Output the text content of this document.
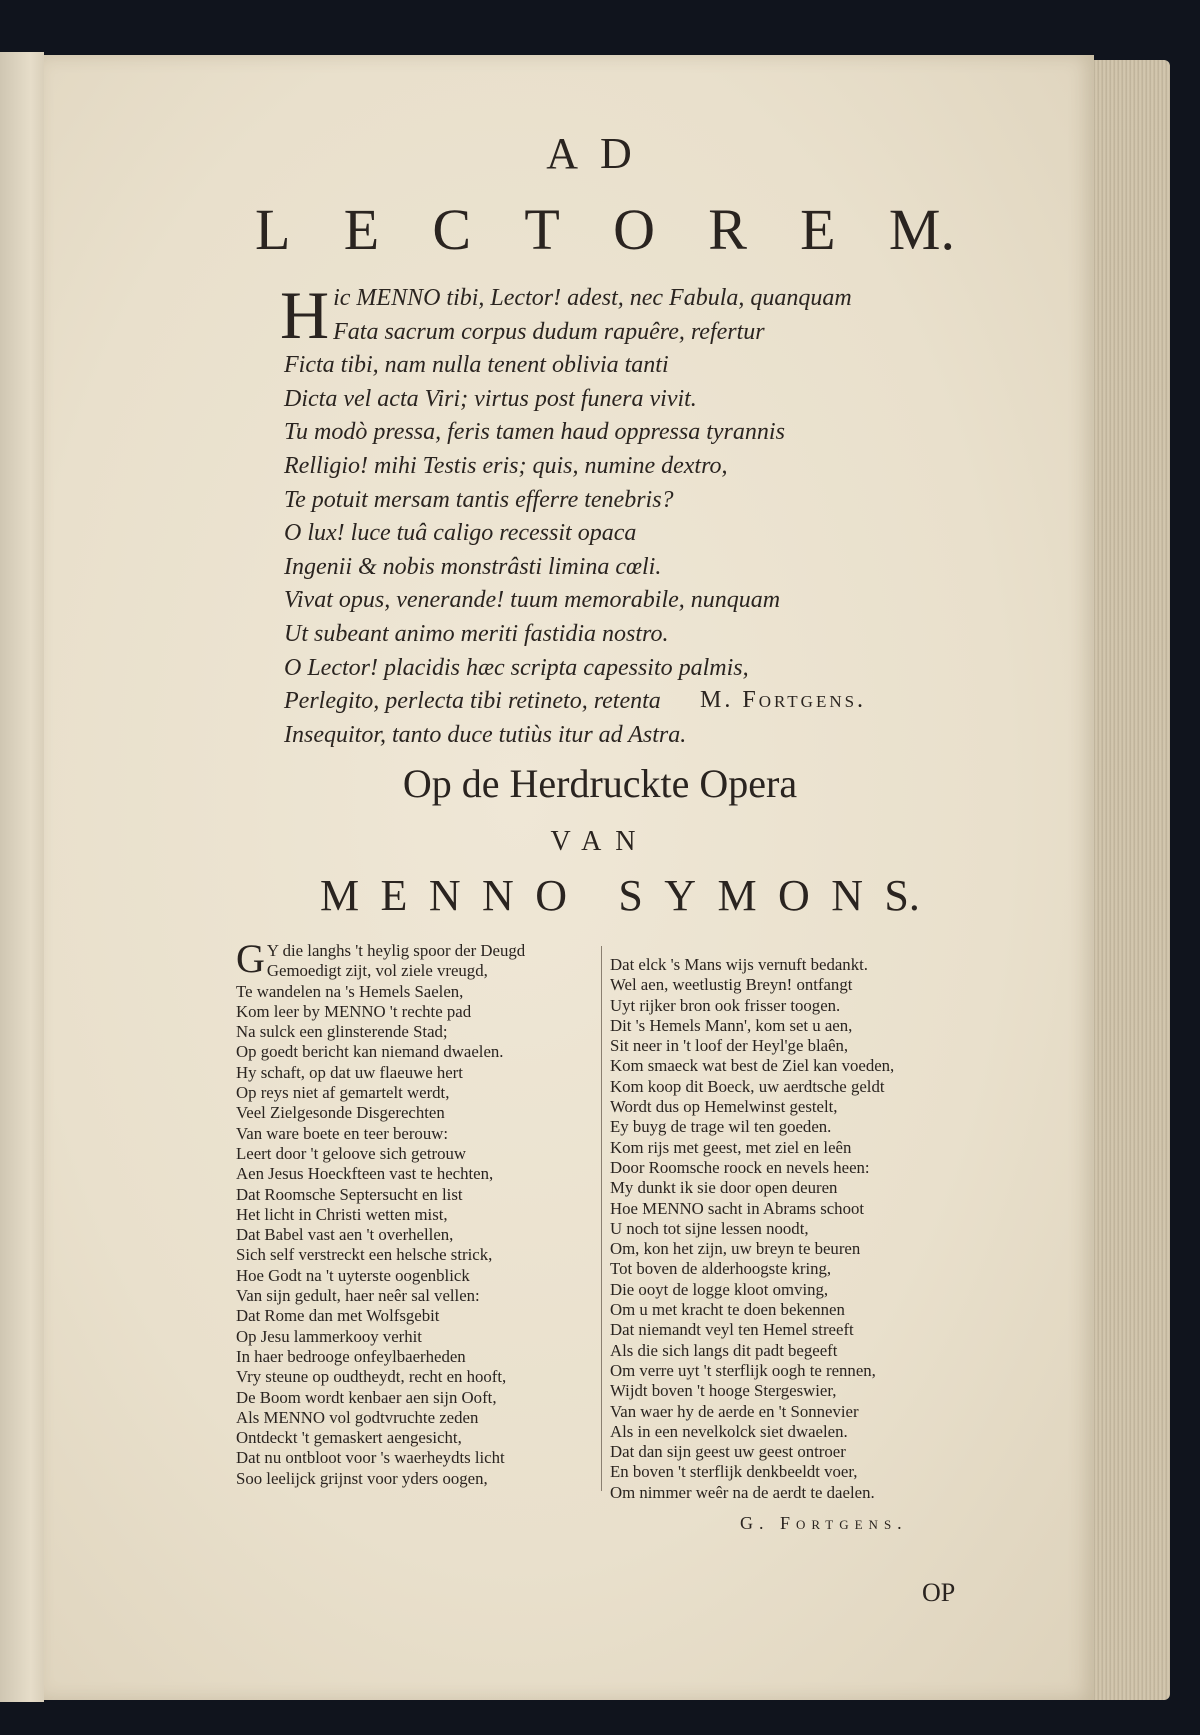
AD
L E C T O R E M.
H ic MENNO tibi, Lector! adest, nec Fabula, quanquam
Fata sacrum corpus dudum rapuêre, refertur
Ficta tibi, nam nulla tenent oblivia tanti
Dicta vel acta Viri; virtus post funera vivit.
Tu modò pressa, feris tamen haud oppressa tyrannis
Relligio! mihi Testis eris; quis, numine dextro,
Te potuit mersam tantis efferre tenebris?
O lux! luce tuâ caligo recessit opaca
Ingenii & nobis monstrâsti limina cœli.
Vivat opus, venerande! tuum memorabile, nunquam
Ut subeant animo meriti fastidia nostro.
O Lector! placidis hæc scripta capessito palmis,
Perlegito, perlecta tibi retineto, retenta
Insequitor, tanto duce tutiùs itur ad Astra.
M. Fortgens.
Op de Herdruckte Opera
VAN
M E N N O S Y M O N S.
G Y die langhs 't heylig spoor der Deugd
Gemoedigt zijt, vol ziele vreugd,
Te wandelen na 's Hemels Saelen,
Kom leer by MENNO 't rechte pad
Na sulck een glinsterende Stad;
Op goedt bericht kan niemand dwaelen.
Hy schaft, op dat uw flaeuwe hert
Op reys niet af gemartelt werdt,
Veel Zielgesonde Disgerechten
Van ware boete en teer berouw:
Leert door 't geloove sich getrouw
Aen Jesus Hoeckfteen vast te hechten,
Dat Roomsche Septersucht en list
Het licht in Christi wetten mist,
Dat Babel vast aen 't overhellen,
Sich self verstreckt een helsche strick,
Hoe Godt na 't uyterste oogenblick
Van sijn gedult, haer neêr sal vellen:
Dat Rome dan met Wolfsgebit
Op Jesu lammerkooy verhit
In haer bedrooge onfeylbaerheden
Vry steune op oudtheydt, recht en hooft,
De Boom wordt kenbaer aen sijn Ooft,
Als MENNO vol godtvruchte zeden
Ontdeckt 't gemaskert aengesicht,
Dat nu ontbloot voor 's waerheydts licht
Soo leelijck grijnst voor yders oogen,
Dat elck 's Mans wijs vernuft bedankt.
Wel aen, weetlustig Breyn! ontfangt
Uyt rijker bron ook frisser toogen.
Dit 's Hemels Mann', kom set u aen,
Sit neer in 't loof der Heyl'ge blaên,
Kom smaeck wat best de Ziel kan voeden,
Kom koop dit Boeck, uw aerdtsche geldt
Wordt dus op Hemelwinst gestelt,
Ey buyg de trage wil ten goeden.
Kom rijs met geest, met ziel en leên
Door Roomsche roock en nevels heen:
My dunkt ik sie door open deuren
Hoe MENNO sacht in Abrams schoot
U noch tot sijne lessen noodt,
Om, kon het zijn, uw breyn te beuren
Tot boven de alderhoogste kring,
Die ooyt de logge kloot omving,
Om u met kracht te doen bekennen
Dat niemandt veyl ten Hemel streeft
Als die sich langs dit padt begeeft
Om verre uyt 't sterflijk oogh te rennen,
Wijdt boven 't hooge Stergeswier,
Van waer hy de aerde en 't Sonnevier
Als in een nevelkolck siet dwaelen.
Dat dan sijn geest uw geest ontroer
En boven 't sterflijk denkbeeldt voer,
Om nimmer weêr na de aerdt te daelen.
G. Fortgens.
OP
